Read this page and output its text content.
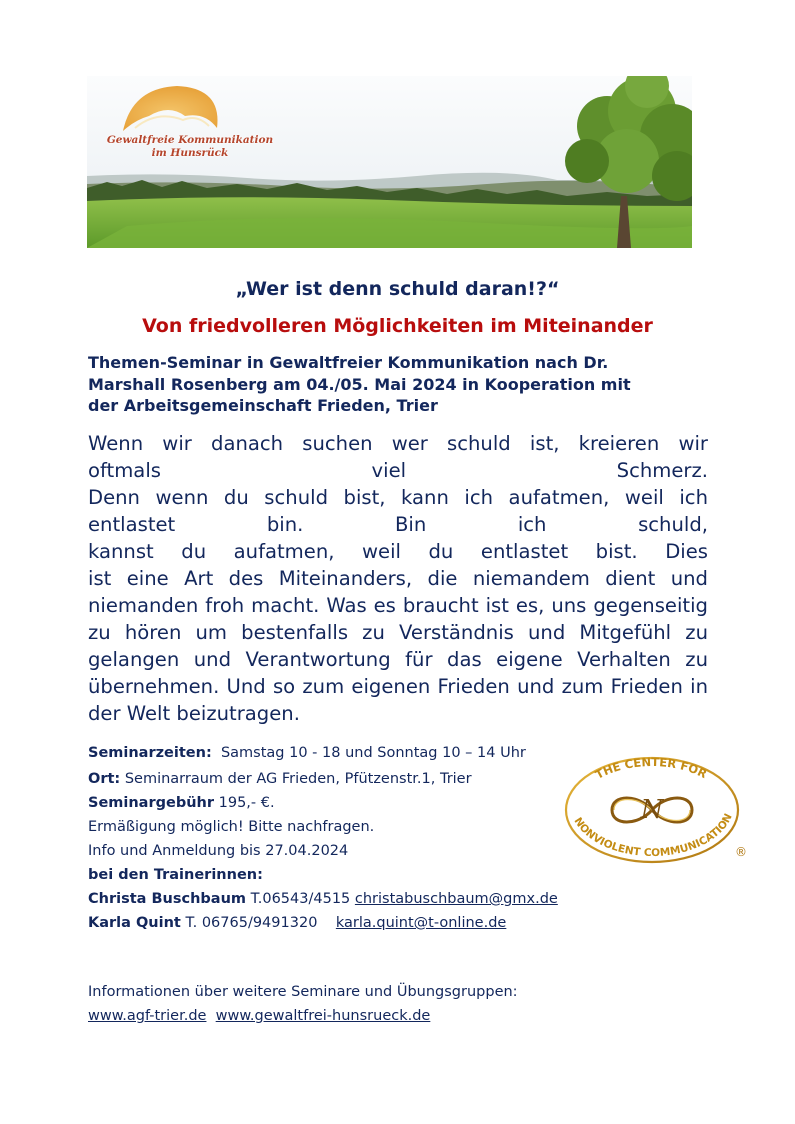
Gewaltfreie Kommunikation
im Hunsrück
„Wer ist denn schuld daran!?“
Von friedvolleren Möglichkeiten im Miteinander
Themen-Seminar in Gewaltfreier Kommunikation nach Dr.
Marshall Rosenberg am 04./05. Mai 2024 in Kooperation mit
der Arbeitsgemeinschaft Frieden, Trier
Wenn wir danach suchen wer schuld ist, kreieren wir
oftmals viel Schmerz.
Denn wenn du schuld bist, kann ich aufatmen, weil ich
entlastet bin.	Bin ich schuld,
kannst du aufatmen, weil du entlastet bist. Dies

ist eine Art des Miteinanders, die niemandem dient und niemanden froh macht. Was es braucht ist es, uns gegenseitig zu hören um bestenfalls zu Verständnis und Mitgefühl zu gelangen und Verantwortung für das eigene Verhalten zu übernehmen. Und so zum eigenen Frieden und zum Frieden in der Welt beizutragen.

Seminarzeiten: Samstag 10 - 18 und Sonntag 10 – 14 Uhr
Ort: Seminarraum der AG Frieden, Pfützenstr.1, Trier
Seminargebühr 195,- €.
Ermäßigung möglich! Bitte nachfragen.
Info und Anmeldung bis 27.04.2024
bei den Trainerinnen:
Christa Buschbaum T.06543/4515 christabuschbaum@gmx.de
Karla Quint T. 06765/9491320 karla.quint@t-online.de
THE CENTER FOR
NONVIOLENT COMMUNICATION
N
®
Informationen über weitere Seminare und Übungsgruppen:
www.agf-trier.de www.gewaltfrei-hunsrueck.de
